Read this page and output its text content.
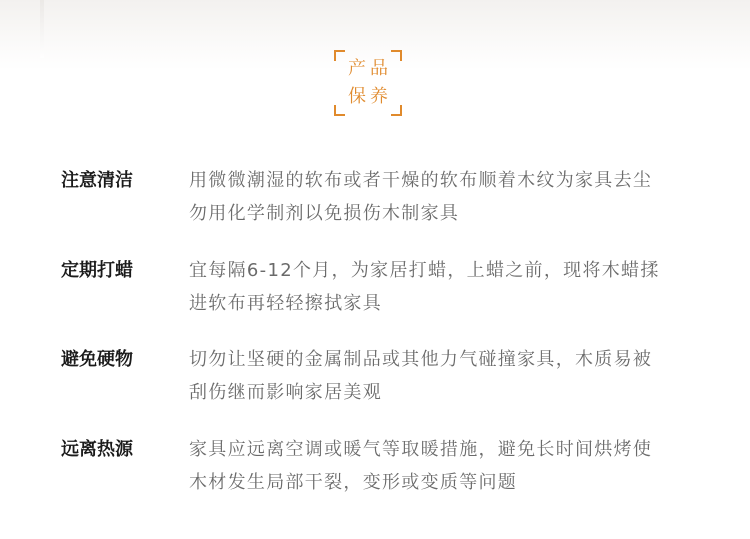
产品
保养
注意清洁	用微微潮湿的软布或者干燥的软布顺着木纹为家具去尘
勿用化学制剂以免损伤木制家具
定期打蜡	宜每隔6-12个月，为家居打蜡，上蜡之前，现将木蜡揉
进软布再轻轻擦拭家具
避免硬物	切勿让坚硬的金属制品或其他力气碰撞家具，木质易被
刮伤继而影响家居美观
远离热源	家具应远离空调或暖气等取暖措施，避免长时间烘烤使
木材发生局部干裂，变形或变质等问题
